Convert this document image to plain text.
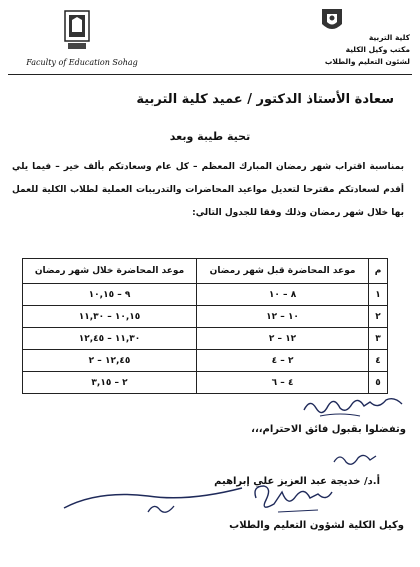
Faculty of Education Sohag
كلية التربية
مكتب وكيل الكلية
لشئون التعليم والطلاب
سعادة الأستاذ الدكتور / عميد كلية التربية
تحية طيبة وبعد
بمناسبة اقتراب شهر رمضان المبارك المعظم – كل عام وسعادتكم بألف خير – فيما يلي أقدم لسعادتكم مقترحا لتعديل مواعيد المحاضرات والتدريبات العملية لطلاب الكلية للعمل بها خلال شهر رمضان وذلك وفقا للجدول التالي:
م	موعد المحاضرة قبل شهر رمضان	موعد المحاضرة خلال شهر رمضان
١	٨ – ١٠	٩ – ١٠,١٥
٢	١٠ – ١٢	١٠,١٥ – ١١,٣٠
٣	١٢ – ٢	١١,٣٠ – ١٢,٤٥
٤	٢ – ٤	١٢,٤٥ – ٢
٥	٤ – ٦	٢ – ٣,١٥
وتفضلوا بقبول فائق الاحترام،،،
أ.د/ خديجة عبد العزيز علي إبراهيم
وكيل الكلية لشؤون التعليم والطلاب
